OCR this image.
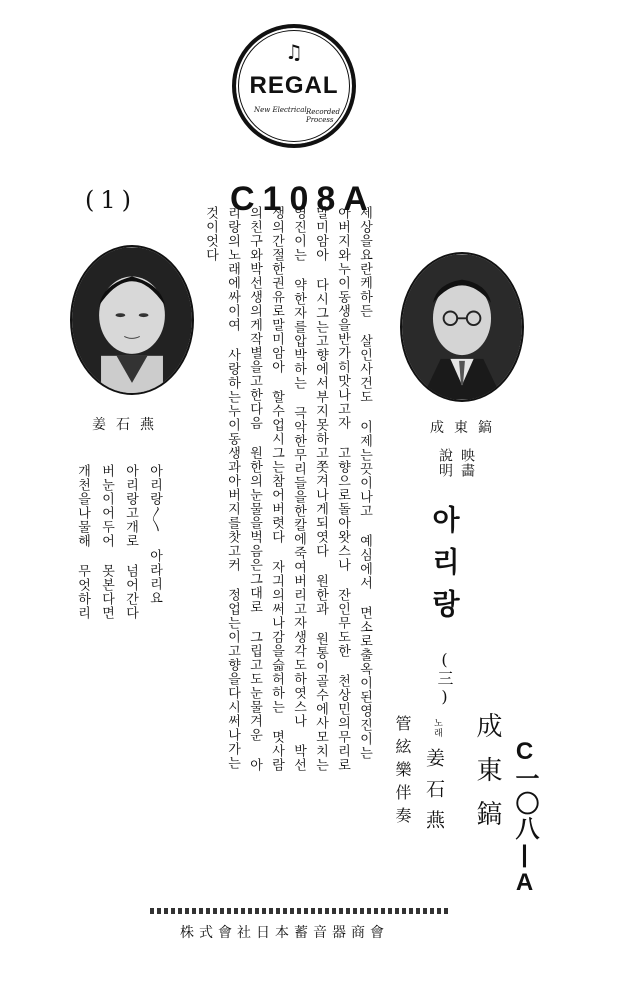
♫
REGAL
New Electrical Recorded Process
(1)	C108A
姜石燕	成東鎬
映畵
說明
아리랑
(三)
成東鎬
노래
姜石燕
管絃樂伴奏	C一〇八|A
세상을요란케하든 살인사건도 이제는끗이나고 예심에서 면소로출옥이된영진이는
아버지와누이동생을반가히맛나고자 고향으로돌아왓스나 잔인무도한 천상민의무리로
말미암아 다시그는고향에서부지못하고쫏겨나게되엿다 원한과 원통이골수에사모치는
영진이는 약한자를압박하는 극악한무리들을한칼에죽여버리고자생각도하엿스나 박선
생의간절한권유로말미암아 할수업시그는참어버렷다 자긔의써나감을슯허하는 몃사람
의친구와박선생의게작별을고한다음 원한의눈물을벅음은그대로 그립고도눈물겨운 아
리랑의노래에싸이여 사랑하는누이동생과아버지를찻고커 정업는이고향을다시써나가는
것이엇다
아리랑〳〵 아라리요
아리랑고개로 넘어간다
버눈이어두어 못본다면
개천을나물해 무엇하리
株式會社日本蓄音器商會
